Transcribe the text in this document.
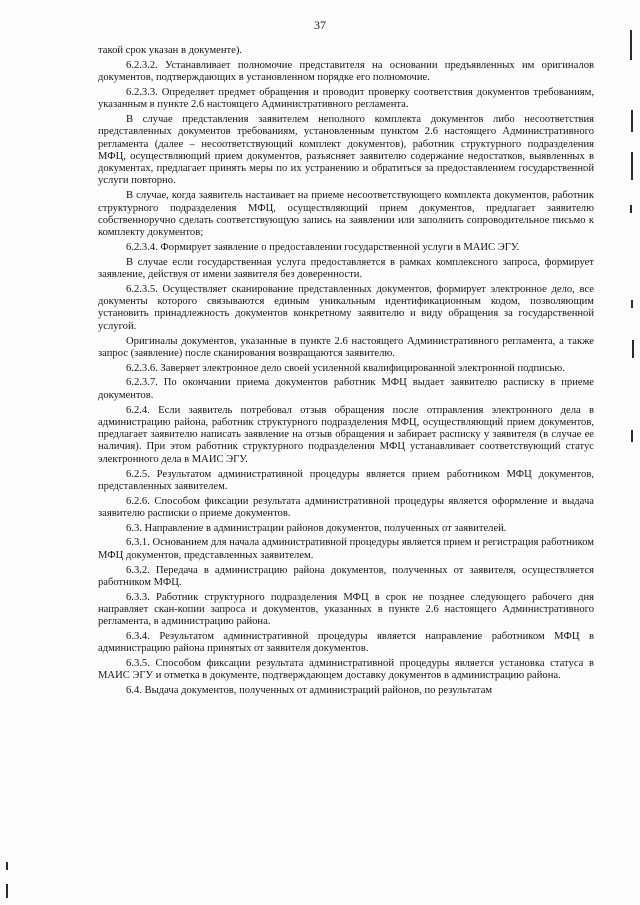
37

такой срок указан в документе).

6.2.3.2. Устанавливает полномочие представителя на основании предъявленных им оригиналов документов, подтверждающих в установленном порядке его полномочие.

6.2.3.3. Определяет предмет обращения и проводит проверку соответствия документов требованиям, указанным в пункте 2.6 настоящего Административного регламента.

В случае представления заявителем неполного комплекта документов либо несоответствия представленных документов требованиям, установленным пунктом 2.6 настоящего Административного регламента (далее – несоответствующий комплект документов), работник структурного подразделения МФЦ, осуществляющий прием документов, разъясняет заявителю содержание недостатков, выявленных в документах, предлагает принять меры по их устранению и обратиться за предоставлением государственной услуги повторно.

В случае, когда заявитель настаивает на приеме несоответствующего комплекта документов, работник структурного подразделения МФЦ, осуществляющий прием документов, предлагает заявителю собственноручно сделать соответствующую запись на заявлении или заполнить сопроводительное письмо к комплекту документов;

6.2.3.4. Формирует заявление о предоставлении государственной услуги в МАИС ЭГУ.

В случае если государственная услуга предоставляется в рамках комплексного запроса, формирует заявление, действуя от имени заявителя без доверенности.

6.2.3.5. Осуществляет сканирование представленных документов, формирует электронное дело, все документы которого связываются единым уникальным идентификационным кодом, позволяющим установить принадлежность документов конкретному заявителю и виду обращения за государственной услугой.

Оригиналы документов, указанные в пункте 2.6 настоящего Административного регламента, а также запрос (заявление) после сканирования возвращаются заявителю.

6.2.3.6. Заверяет электронное дело своей усиленной квалифицированной электронной подписью.

6.2.3.7. По окончании приема документов работник МФЦ выдает заявителю расписку в приеме документов.

6.2.4. Если заявитель потребовал отзыв обращения после отправления электронного дела в администрацию района, работник структурного подразделения МФЦ, осуществляющий прием документов, предлагает заявителю написать заявление на отзыв обращения и забирает расписку у заявителя (в случае ее наличия). При этом работник структурного подразделения МФЦ устанавливает соответствующий статус электронного дела в МАИС ЭГУ.

6.2.5. Результатом административной процедуры является прием работником МФЦ документов, представленных заявителем.

6.2.6. Способом фиксации результата административной процедуры является оформление и выдача заявителю расписки о приеме документов.

6.3. Направление в администрации районов документов, полученных от заявителей.

6.3.1. Основанием для начала административной процедуры является прием и регистрация работником МФЦ документов, представленных заявителем.

6.3.2. Передача в администрацию района документов, полученных от заявителя, осуществляется работником МФЦ.

6.3.3. Работник структурного подразделения МФЦ в срок не позднее следующего рабочего дня направляет скан-копии запроса и документов, указанных в пункте 2.6 настоящего Административного регламента, в администрацию района.

6.3.4. Результатом административной процедуры является направление работником МФЦ в администрацию района принятых от заявителя документов.

6.3.5. Способом фиксации результата административной процедуры является установка статуса в МАИС ЭГУ и отметка в документе, подтверждающем доставку документов в администрацию района.

6.4. Выдача документов, полученных от администраций районов, по результатам
